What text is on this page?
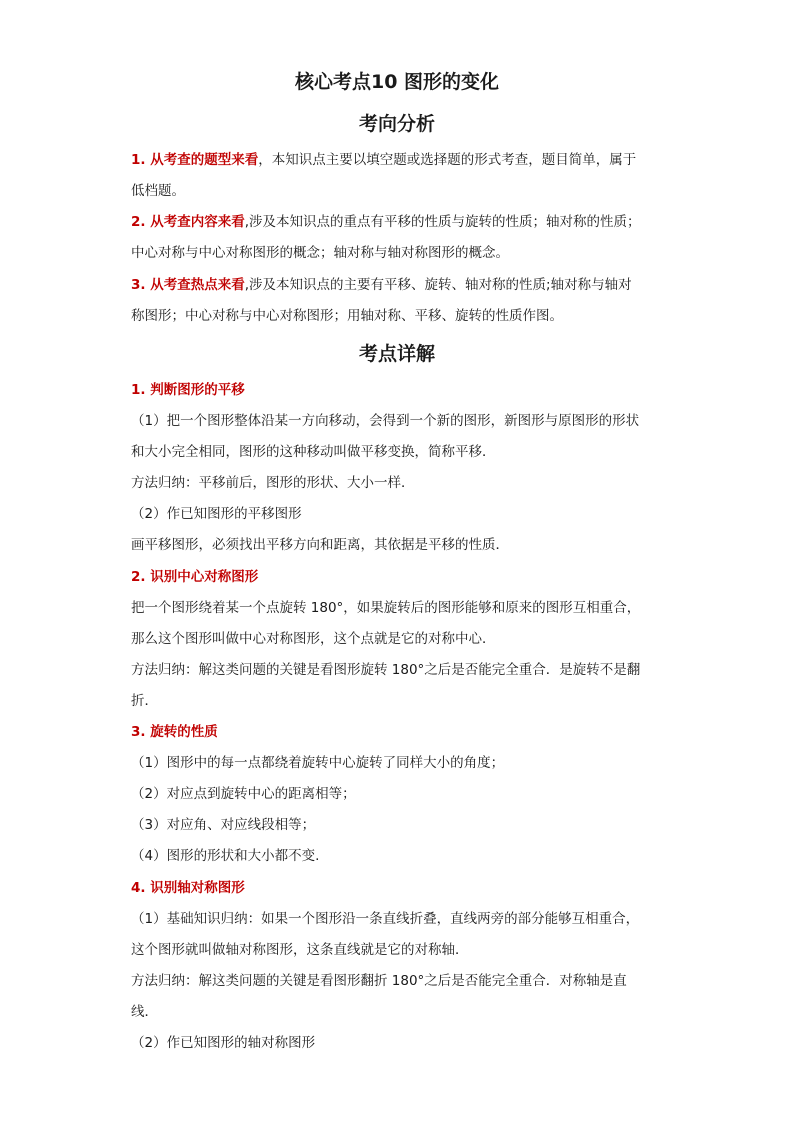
核心考点10 图形的变化
考向分析
1. 从考查的题型来看，本知识点主要以填空题或选择题的形式考查，题目简单，属于
低档题。
2. 从考查内容来看,涉及本知识点的重点有平移的性质与旋转的性质；轴对称的性质；
中心对称与中心对称图形的概念；轴对称与轴对称图形的概念。
3. 从考查热点来看,涉及本知识点的主要有平移、旋转、轴对称的性质;轴对称与轴对
称图形；中心对称与中心对称图形；用轴对称、平移、旋转的性质作图。
考点详解
1. 判断图形的平移
（1）把一个图形整体沿某一方向移动，会得到一个新的图形，新图形与原图形的形状
和大小完全相同，图形的这种移动叫做平移变换，简称平移．
方法归纳：平移前后，图形的形状、大小一样．
（2）作已知图形的平移图形
画平移图形，必须找出平移方向和距离，其依据是平移的性质．
2. 识别中心对称图形
把一个图形绕着某一个点旋转 180°，如果旋转后的图形能够和原来的图形互相重合，
那么这个图形叫做中心对称图形，这个点就是它的对称中心．
方法归纳：解这类问题的关键是看图形旋转 180°之后是否能完全重合．是旋转不是翻
折．
3. 旋转的性质
（1）图形中的每一点都绕着旋转中心旋转了同样大小的角度；
（2）对应点到旋转中心的距离相等；
（3）对应角、对应线段相等；
（4）图形的形状和大小都不变.
4. 识别轴对称图形
（1）基础知识归纳：如果一个图形沿一条直线折叠，直线两旁的部分能够互相重合，
这个图形就叫做轴对称图形，这条直线就是它的对称轴．
方法归纳：解这类问题的关键是看图形翻折 180°之后是否能完全重合．对称轴是直
线．
（2）作已知图形的轴对称图形
